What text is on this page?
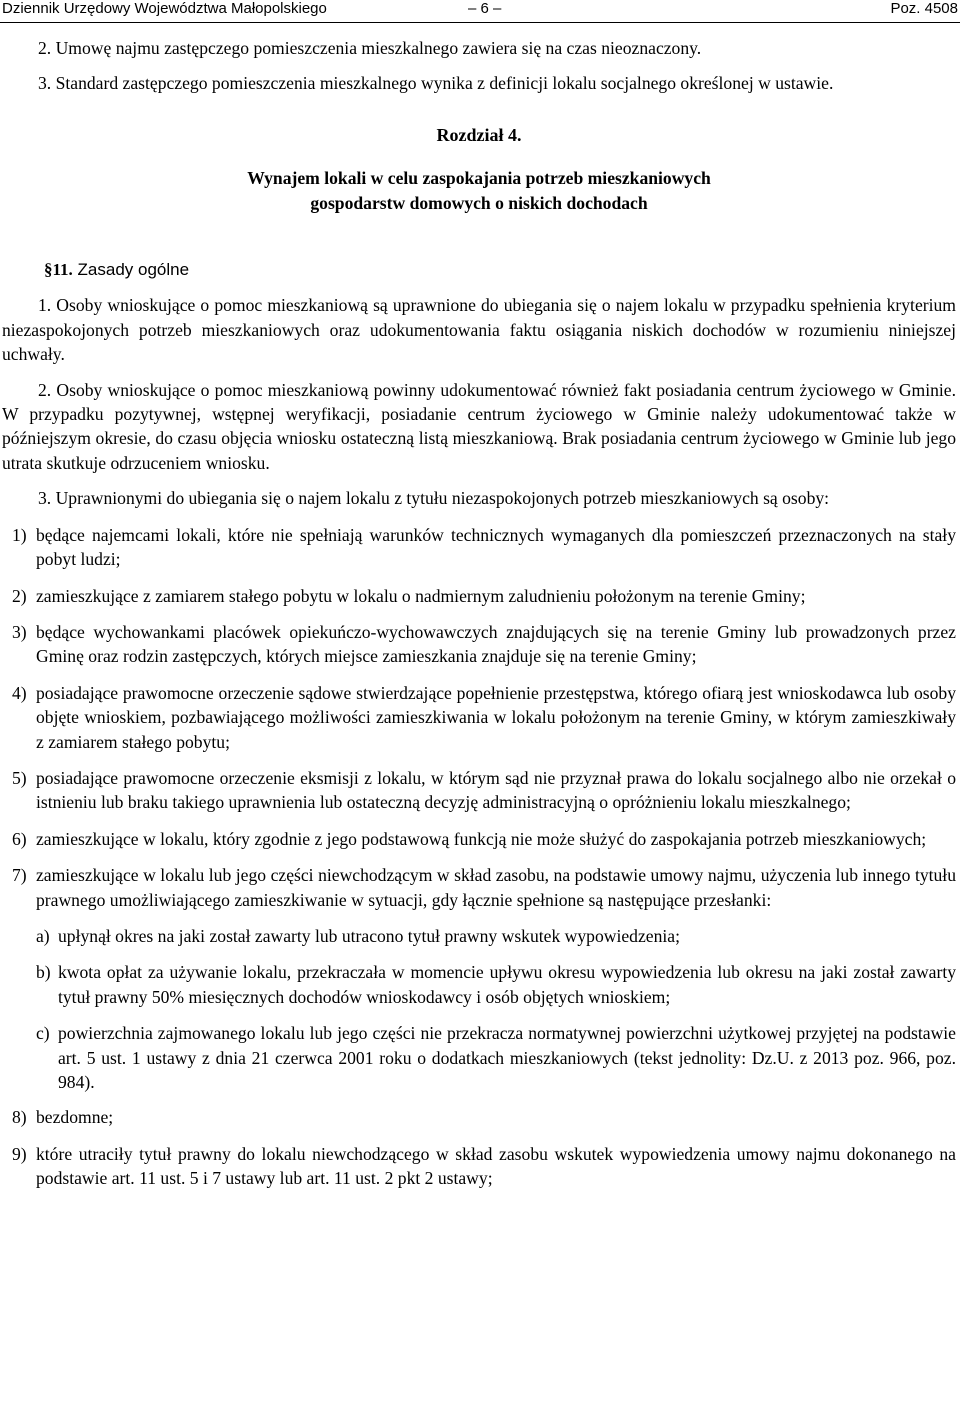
Dziennik Urzędowy Województwa Małopolskiego	– 6 –	Poz. 4508

2. Umowę najmu zastępczego pomieszczenia mieszkalnego zawiera się na czas nieoznaczony.

3. Standard zastępczego pomieszczenia mieszkalnego wynika z definicji lokalu socjalnego określonej w ustawie.

Rozdział 4.

Wynajem lokali w celu zaspokajania potrzeb mieszkaniowych

gospodarstw domowych o niskich dochodach

§11. Zasady ogólne

1. Osoby wnioskujące o pomoc mieszkaniową są uprawnione do ubiegania się o najem lokalu w przypadku spełnienia kryterium niezaspokojonych potrzeb mieszkaniowych oraz udokumentowania faktu osiągania niskich dochodów w rozumieniu niniejszej uchwały.

2. Osoby wnioskujące o pomoc mieszkaniową powinny udokumentować również fakt posiadania centrum życiowego w Gminie. W przypadku pozytywnej, wstępnej weryfikacji, posiadanie centrum życiowego w Gminie należy udokumentować także w późniejszym okresie, do czasu objęcia wniosku ostateczną listą mieszkaniową. Brak posiadania centrum życiowego w Gminie lub jego utrata skutkuje odrzuceniem wniosku.

3. Uprawnionymi do ubiegania się o najem lokalu z tytułu niezaspokojonych potrzeb mieszkaniowych są osoby:

1) będące najemcami lokali, które nie spełniają warunków technicznych wymaganych dla pomieszczeń przeznaczonych na stały pobyt ludzi;
2) zamieszkujące z zamiarem stałego pobytu w lokalu o nadmiernym zaludnieniu położonym na terenie Gminy;
3) będące wychowankami placówek opiekuńczo-wychowawczych znajdujących się na terenie Gminy lub prowadzonych przez Gminę oraz rodzin zastępczych, których miejsce zamieszkania znajduje się na terenie Gminy;
4) posiadające prawomocne orzeczenie sądowe stwierdzające popełnienie przestępstwa, którego ofiarą jest wnioskodawca lub osoby objęte wnioskiem, pozbawiającego możliwości zamieszkiwania w lokalu położonym na terenie Gminy, w którym zamieszkiwały z zamiarem stałego pobytu;
5) posiadające prawomocne orzeczenie eksmisji z lokalu, w którym sąd nie przyznał prawa do lokalu socjalnego albo nie orzekał o istnieniu lub braku takiego uprawnienia lub ostateczną decyzję administracyjną o opróżnieniu lokalu mieszkalnego;
6) zamieszkujące w lokalu, który zgodnie z jego podstawową funkcją nie może służyć do zaspokajania potrzeb mieszkaniowych;
7) zamieszkujące w lokalu lub jego części niewchodzącym w skład zasobu, na podstawie umowy najmu, użyczenia lub innego tytułu prawnego umożliwiającego zamieszkiwanie w sytuacji, gdy łącznie spełnione są następujące przesłanki:
a) upłynął okres na jaki został zawarty lub utracono tytuł prawny wskutek wypowiedzenia;
b) kwota opłat za używanie lokalu, przekraczała w momencie upływu okresu wypowiedzenia lub okresu na jaki został zawarty tytuł prawny 50% miesięcznych dochodów wnioskodawcy i osób objętych wnioskiem;
c) powierzchnia zajmowanego lokalu lub jego części nie przekracza normatywnej powierzchni użytkowej przyjętej na podstawie art. 5 ust. 1 ustawy z dnia 21 czerwca 2001 roku o dodatkach mieszkaniowych (tekst jednolity: Dz.U. z 2013 poz. 966, poz. 984).
8) bezdomne;
9) które utraciły tytuł prawny do lokalu niewchodzącego w skład zasobu wskutek wypowiedzenia umowy najmu dokonanego na podstawie art. 11 ust. 5 i 7 ustawy lub art. 11 ust. 2 pkt 2 ustawy;
